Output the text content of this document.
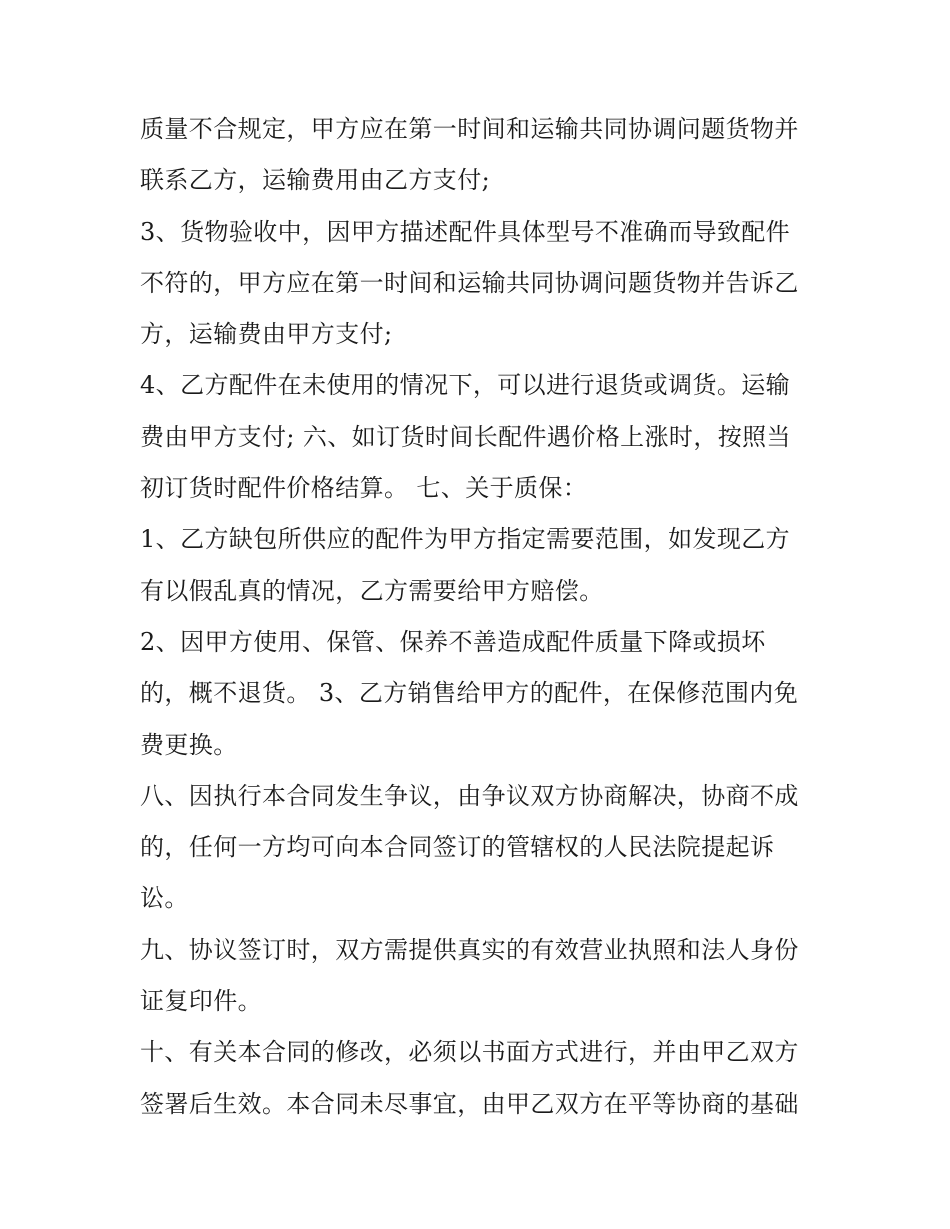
质量不合规定，甲方应在第一时间和运输共同协调问题货物并
联系乙方，运输费用由乙方支付;
3、货物验收中，因甲方描述配件具体型号不准确而导致配件
不符的，甲方应在第一时间和运输共同协调问题货物并告诉乙
方，运输费由甲方支付;
4、乙方配件在未使用的情况下，可以进行退货或调货。运输
费由甲方支付; 六、如订货时间长配件遇价格上涨时，按照当
初订货时配件价格结算。 七、关于质保：
1、乙方缺包所供应的配件为甲方指定需要范围，如发现乙方
有以假乱真的情况，乙方需要给甲方赔偿。
2、因甲方使用、保管、保养不善造成配件质量下降或损坏
的，概不退货。 3、乙方销售给甲方的配件，在保修范围内免
费更换。
八、因执行本合同发生争议，由争议双方协商解决，协商不成
的，任何一方均可向本合同签订的管辖权的人民法院提起诉
讼。
九、协议签订时，双方需提供真实的有效营业执照和法人身份
证复印件。
十、有关本合同的修改，必须以书面方式进行，并由甲乙双方
签署后生效。本合同未尽事宜，由甲乙双方在平等协商的基础
